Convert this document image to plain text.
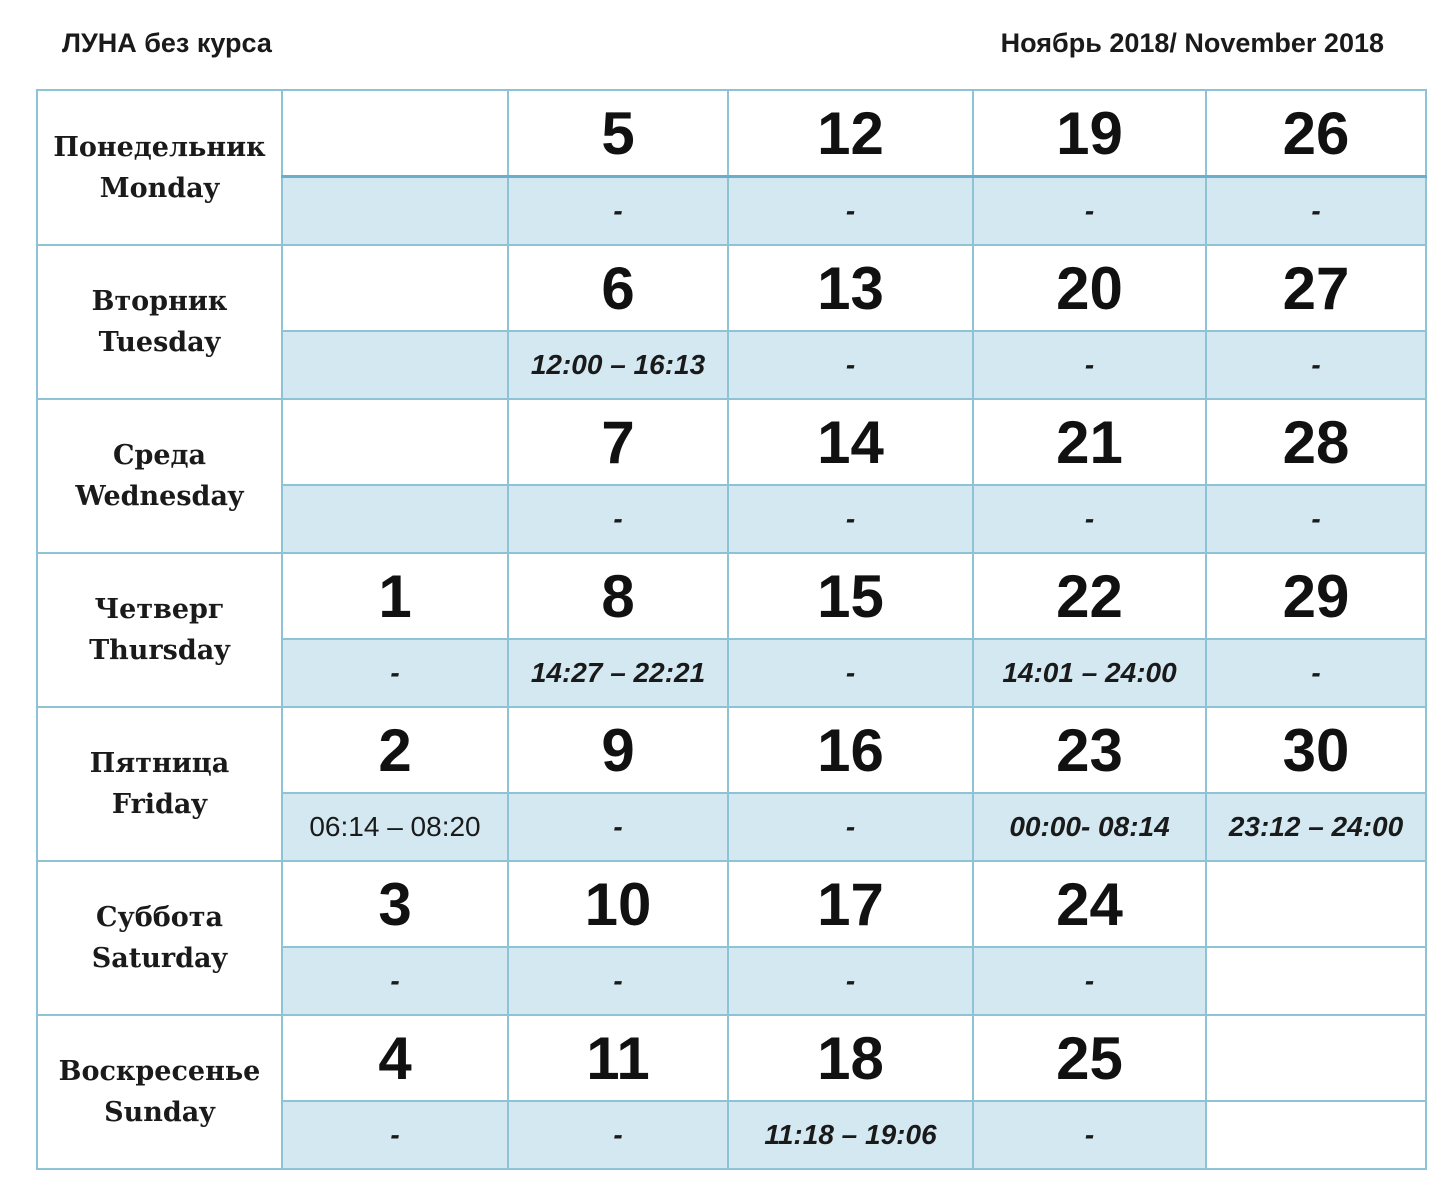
ЛУНА без курса	Ноябрь 2018/ November 2018
Понедельник
Monday		5	12	19	26
		-	-	-	-

Вторник
Tuesday		6	13	20	27
		12:00 – 16:13	-	-	-

Среда
Wednesday		7	14	21	28
		-	-	-	-

Четверг
Thursday	1	8	15	22	29
	-	14:27 – 22:21	-	14:01 – 24:00	-

Пятница
Friday	2	9	16	23	30
	06:14 – 08:20	-	-	00:00- 08:14	23:12 – 24:00

Суббота
Saturday	3	10	17	24	
	-	-	-	-	

Воскресенье
Sunday	4	11	18	25	
	-	-	11:18 – 19:06	-	
